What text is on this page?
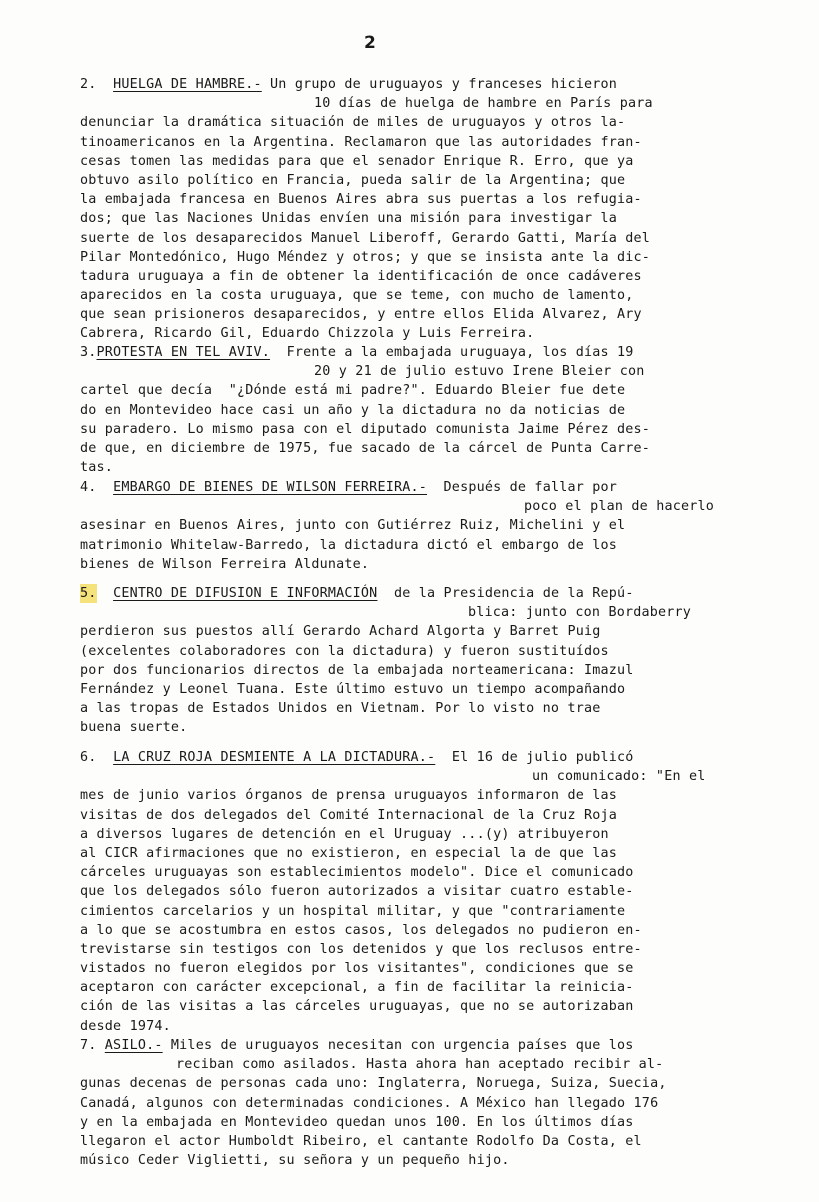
2
2. HUELGA DE HAMBRE.- Un grupo de uruguayos y franceses hicieron
10 días de huelga de hambre en París para
denunciar la dramática situación de miles de uruguayos y otros la-
tinoamericanos en la Argentina. Reclamaron que las autoridades fran-
cesas tomen las medidas para que el senador Enrique R. Erro, que ya
obtuvo asilo político en Francia, pueda salir de la Argentina; que
la embajada francesa en Buenos Aires abra sus puertas a los refugia-
dos; que las Naciones Unidas envíen una misión para investigar la
suerte de los desaparecidos Manuel Liberoff, Gerardo Gatti, María del
Pilar Montedónico, Hugo Méndez y otros; y que se insista ante la dic-
tadura uruguaya a fin de obtener la identificación de once cadáveres
aparecidos en la costa uruguaya, que se teme, con mucho de lamento,
que sean prisioneros desaparecidos, y entre ellos Elida Alvarez, Ary
Cabrera, Ricardo Gil, Eduardo Chizzola y Luis Ferreira.
3.PROTESTA EN TEL AVIV. Frente a la embajada uruguaya, los días 19
20 y 21 de julio estuvo Irene Bleier con
cartel que decía  "¿Dónde está mi padre?". Eduardo Bleier fue dete
do en Montevideo hace casi un año y la dictadura no da noticias de
su paradero. Lo mismo pasa con el diputado comunista Jaime Pérez des-
de que, en diciembre de 1975, fue sacado de la cárcel de Punta Carre-
tas.
4. EMBARGO DE BIENES DE WILSON FERREIRA.- Después de fallar por
poco el plan de hacerlo
asesinar en Buenos Aires, junto con Gutiérrez Ruiz, Michelini y el
matrimonio Whitelaw-Barredo, la dictadura dictó el embargo de los
bienes de Wilson Ferreira Aldunate.
5. CENTRO DE DIFUSION E INFORMACIÓN de la Presidencia de la Repú-
blica: junto con Bordaberry
perdieron sus puestos allí Gerardo Achard Algorta y Barret Puig
(excelentes colaboradores con la dictadura) y fueron sustituídos
por dos funcionarios directos de la embajada norteamericana: Imazul
Fernández y Leonel Tuana. Este último estuvo un tiempo acompañando
a las tropas de Estados Unidos en Vietnam. Por lo visto no trae
buena suerte.
6. LA CRUZ ROJA DESMIENTE A LA DICTADURA.- El 16 de julio publicó
un comunicado: "En el
mes de junio varios órganos de prensa uruguayos informaron de las
visitas de dos delegados del Comité Internacional de la Cruz Roja
a diversos lugares de detención en el Uruguay ...(y) atribuyeron
al CICR afirmaciones que no existieron, en especial la de que las
cárceles uruguayas son establecimientos modelo". Dice el comunicado
que los delegados sólo fueron autorizados a visitar cuatro estable-
cimientos carcelarios y un hospital militar, y que "contrariamente
a lo que se acostumbra en estos casos, los delegados no pudieron en-
trevistarse sin testigos con los detenidos y que los reclusos entre-
vistados no fueron elegidos por los visitantes", condiciones que se
aceptaron con carácter excepcional, a fin de facilitar la reinicia-
ción de las visitas a las cárceles uruguayas, que no se autorizaban
desde 1974.
7. ASILO.- Miles de uruguayos necesitan con urgencia países que los
reciban como asilados. Hasta ahora han aceptado recibir al-
gunas decenas de personas cada uno: Inglaterra, Noruega, Suiza, Suecia,
Canadá, algunos con determinadas condiciones. A México han llegado 176
y en la embajada en Montevideo quedan unos 100. En los últimos días
llegaron el actor Humboldt Ribeiro, el cantante Rodolfo Da Costa, el
músico Ceder Viglietti, su señora y un pequeño hijo.
